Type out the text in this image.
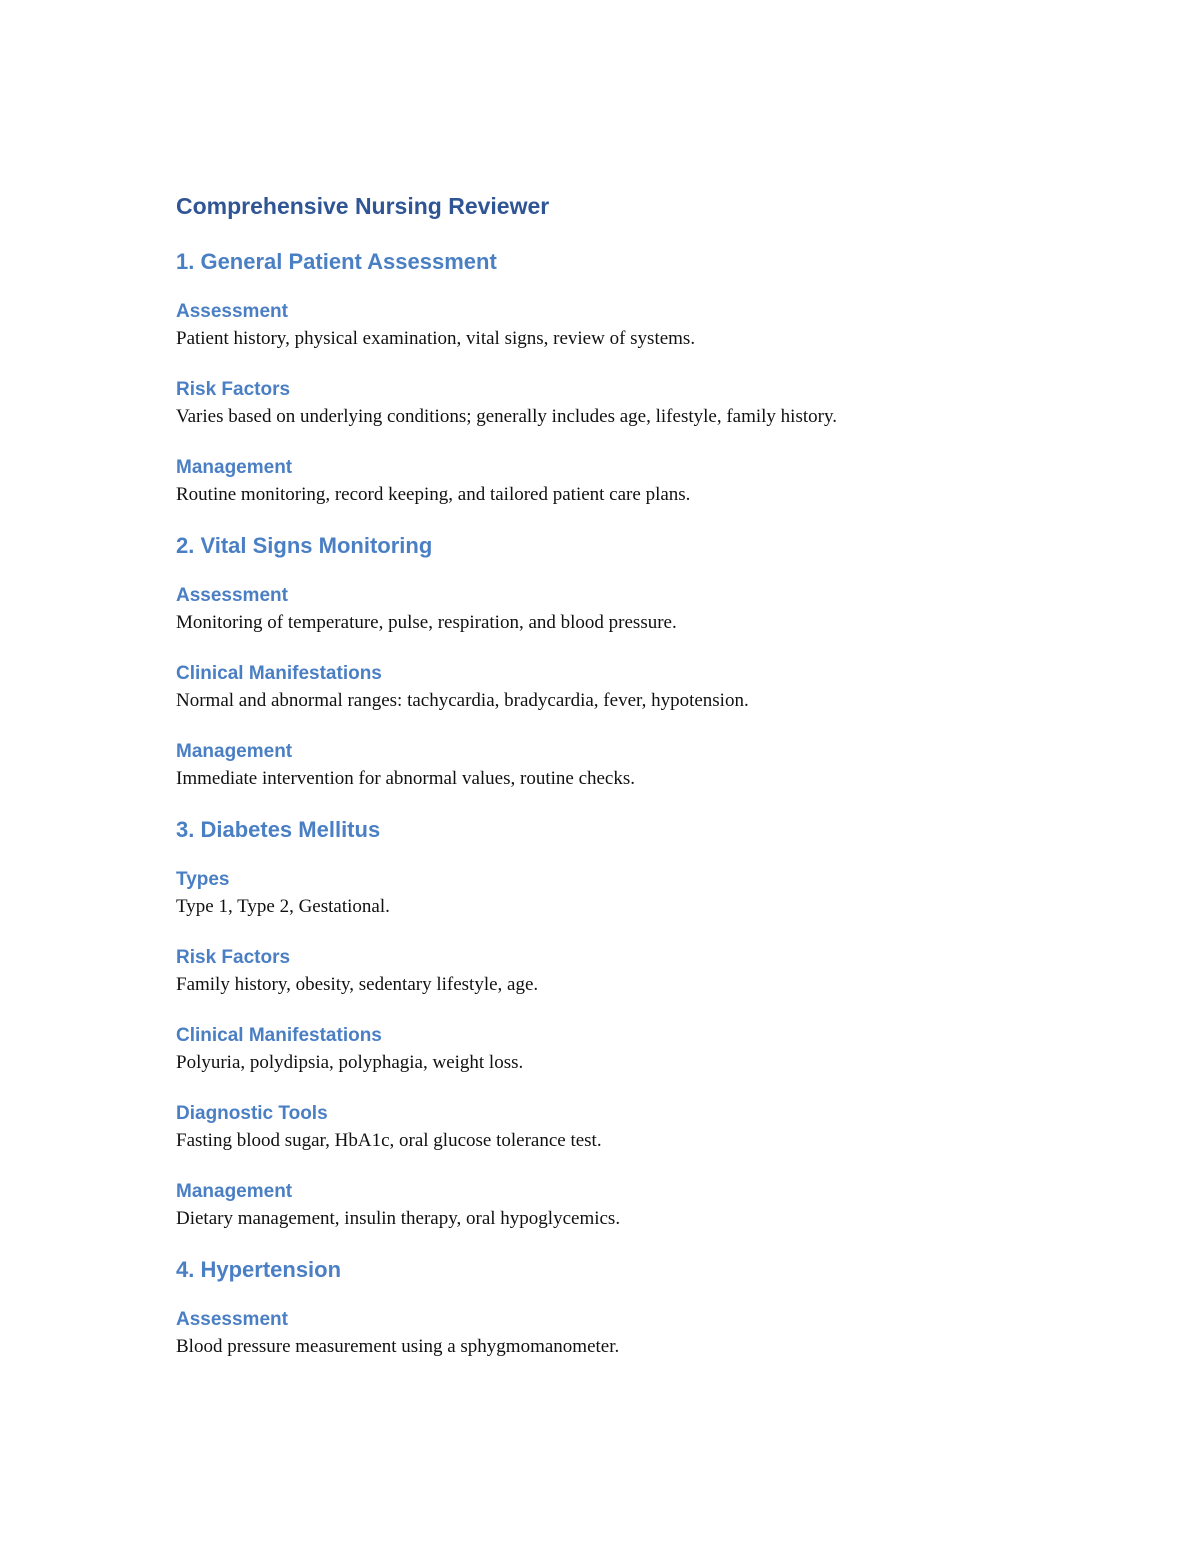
Comprehensive Nursing Reviewer
1. General Patient Assessment
Assessment

Patient history, physical examination, vital signs, review of systems.

Risk Factors

Varies based on underlying conditions; generally includes age, lifestyle, family history.

Management

Routine monitoring, record keeping, and tailored patient care plans.

2. Vital Signs Monitoring
Assessment

Monitoring of temperature, pulse, respiration, and blood pressure.

Clinical Manifestations

Normal and abnormal ranges: tachycardia, bradycardia, fever, hypotension.

Management

Immediate intervention for abnormal values, routine checks.

3. Diabetes Mellitus
Types

Type 1, Type 2, Gestational.

Risk Factors

Family history, obesity, sedentary lifestyle, age.

Clinical Manifestations

Polyuria, polydipsia, polyphagia, weight loss.

Diagnostic Tools

Fasting blood sugar, HbA1c, oral glucose tolerance test.

Management

Dietary management, insulin therapy, oral hypoglycemics.

4. Hypertension
Assessment

Blood pressure measurement using a sphygmomanometer.
